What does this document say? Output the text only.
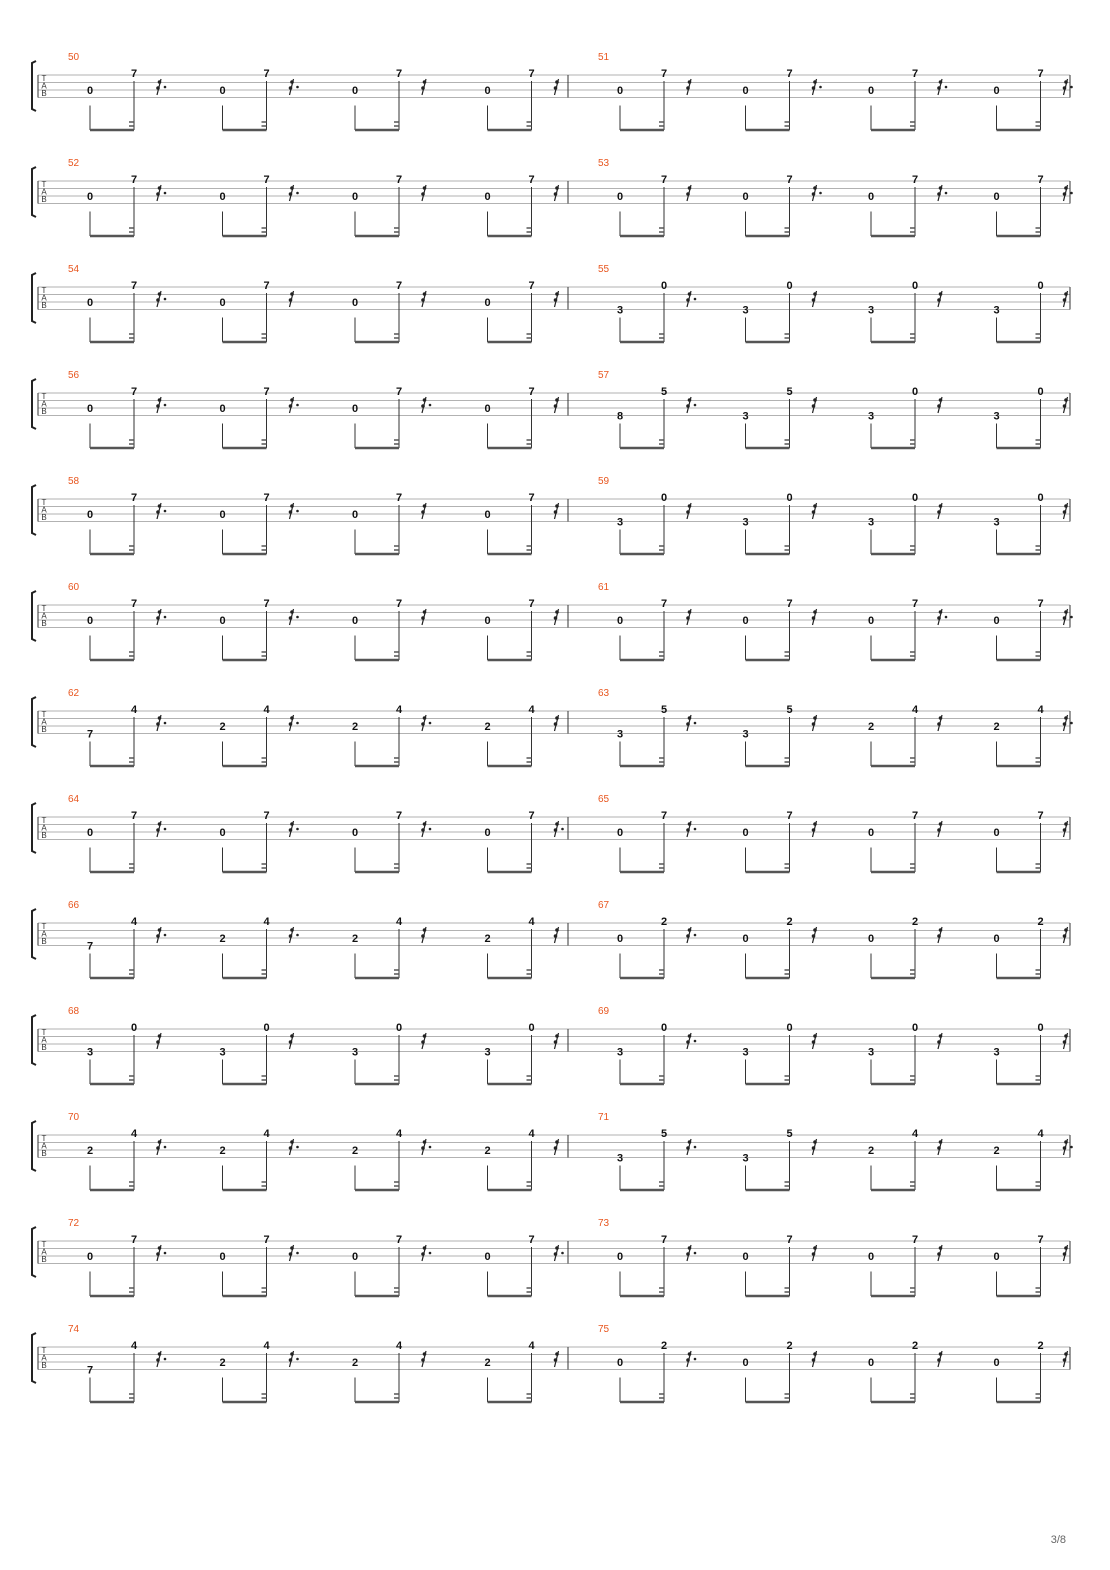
T
A
B
50
0
7
0
7
0
7
0
7
51
0
7
0
7
0
7
0
7
T
A
B
52
0
7
0
7
0
7
0
7
53
0
7
0
7
0
7
0
7
T
A
B
54
0
7
0
7
0
7
0
7
55
3
0
3
0
3
0
3
0
T
A
B
56
0
7
0
7
0
7
0
7
57
8
5
3
5
3
0
3
0
T
A
B
58
0
7
0
7
0
7
0
7
59
3
0
3
0
3
0
3
0
T
A
B
60
0
7
0
7
0
7
0
7
61
0
7
0
7
0
7
0
7
T
A
B
62
7
4
2
4
2
4
2
4
63
3
5
3
5
2
4
2
4
T
A
B
64
0
7
0
7
0
7
0
7
65
0
7
0
7
0
7
0
7
T
A
B
66
7
4
2
4
2
4
2
4
67
0
2
0
2
0
2
0
2
T
A
B
68
3
0
3
0
3
0
3
0
69
3
0
3
0
3
0
3
0
T
A
B
70
2
4
2
4
2
4
2
4
71
3
5
3
5
2
4
2
4
T
A
B
72
0
7
0
7
0
7
0
7
73
0
7
0
7
0
7
0
7
T
A
B
74
7
4
2
4
2
4
2
4
75
0
2
0
2
0
2
0
2
3/8
